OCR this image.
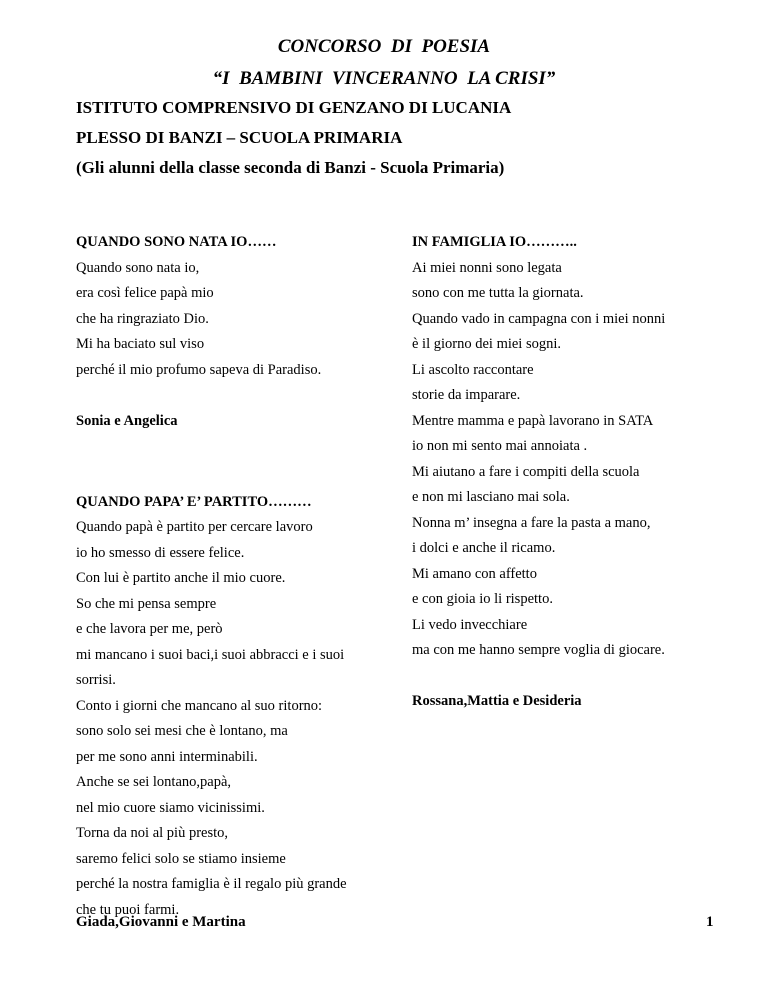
CONCORSO  DI  POESIA
“I  BAMBINI  VINCERANNO  LA CRISI”
ISTITUTO COMPRENSIVO DI GENZANO DI LUCANIA
PLESSO DI BANZI – SCUOLA PRIMARIA
(Gli alunni della classe seconda di Banzi - Scuola Primaria)
QUANDO SONO NATA IO……
Quando sono nata io,
era così felice papà mio
che ha ringraziato Dio.
Mi ha baciato sul viso
perché il mio profumo sapeva di Paradiso.
Sonia e Angelica
QUANDO PAPA’ E’ PARTITO………
Quando papà è partito per cercare lavoro
io ho smesso di essere felice.
Con lui è partito anche il mio cuore.
So che mi pensa sempre
e che lavora per me, però
mi mancano i suoi baci,i suoi abbracci e i suoi
sorrisi.
Conto i giorni che mancano al suo ritorno:
sono solo sei mesi che è lontano, ma
per me sono anni interminabili.
Anche se sei lontano,papà,
nel mio cuore siamo vicinissimi.
Torna da noi al più presto,
saremo felici solo se stiamo insieme
perché la nostra famiglia è il regalo più grande
che tu puoi farmi.
IN FAMIGLIA IO………..
Ai miei nonni sono legata
sono con me tutta la giornata.
Quando vado in campagna con i miei nonni
è il giorno dei miei sogni.
Li ascolto raccontare
storie da imparare.
Mentre mamma e papà lavorano in SATA
io non mi sento mai annoiata .
Mi aiutano a fare i compiti della scuola
e non mi lasciano mai sola.
Nonna m’ insegna a fare la pasta a mano,
i dolci e anche il ricamo.
Mi amano con affetto
e con gioia io li rispetto.
Li vedo invecchiare
ma con me hanno sempre voglia di giocare.
Rossana,Mattia e Desideria
Giada,Giovanni e Martina	1
